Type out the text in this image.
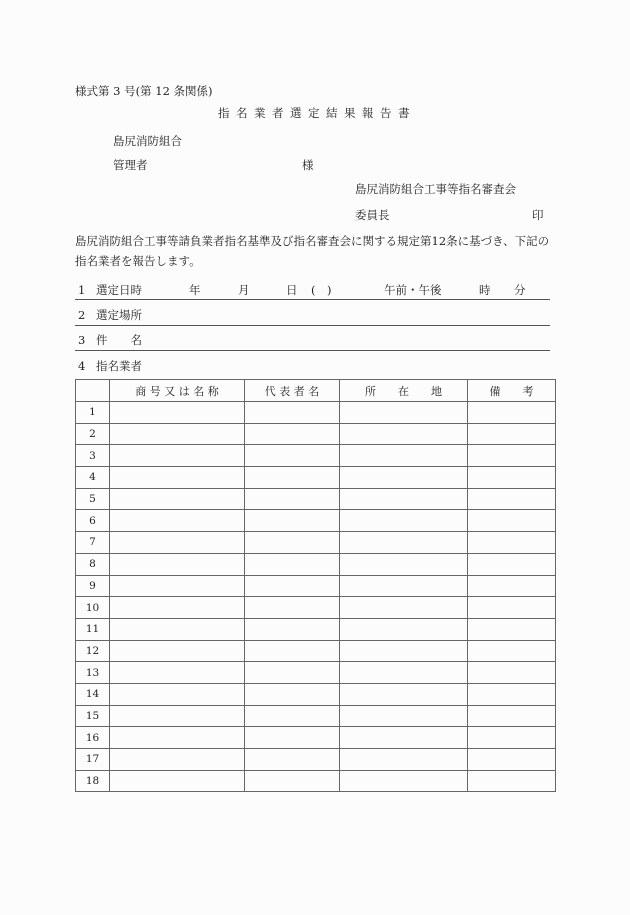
様式第 3 号(第 12 条関係)
指名業者選定結果報告書
島尻消防組合
管理者	様
島尻消防組合工事等指名審査会
委員長	印
島尻消防組合工事等請負業者指名基準及び指名審査会に関する規定第12条に基づき、下記の
指名業者を報告します。
1 選定日時	年	月	日 (　)	午前・午後	時 分
2 選定場所
3 件　　名
4 指名業者
	商 号 又 は 名 称	代 表 者 名	所　　在　　地	備　　考
1				
2				
3				
4				
5				
6				
7				
8				
9				
10				
11				
12				
13				
14				
15				
16				
17				
18				
